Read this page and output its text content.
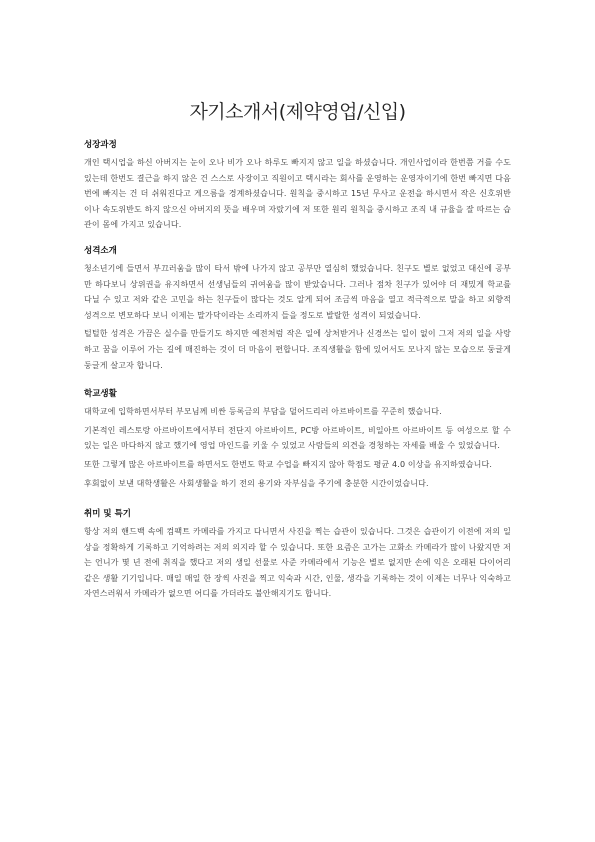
자기소개서(제약영업/신입)
성장과정

개인 택시업을 하신 아버지는 눈이 오나 비가 오나 하루도 빠지지 않고 일을 하셨습니다. 개인사업이라 한번쯤 거를 수도 있는데 한번도 결근을 하지 않은 건 스스로 사장이고 직원이고 택시라는 회사를 운영하는 운영자이기에 한번 빠지면 다음 번에 빠지는 건 더 쉬워진다고 게으름을 경계하셨습니다. 원칙을 중시하고 15년 무사고 운전을 하시면서 작은 신호위반이나 속도위반도 하지 않으신 아버지의 뜻을 배우며 자랐기에 저 또한 원리 원칙을 중시하고 조직 내 규율을 잘 따르는 습관이 몸에 가지고 있습니다.

성격소개

청소년기에 들면서 부끄러움을 많이 타서 밖에 나가지 않고 공부만 열심히 했었습니다. 친구도 별로 없었고 대신에 공부만 하다보니 상위권을 유지하면서 선생님들의 귀여움을 많이 받았습니다. 그러나 점차 친구가 있어야 더 재밌게 학교를 다닐 수 있고 저와 같은 고민을 하는 친구들이 많다는 것도 알게 되어 조금씩 마음을 열고 적극적으로 말을 하고 외향적 성격으로 변모하다 보니 이제는 말가닥이라는 소리까지 들을 정도로 발랄한 성격이 되었습니다.

털털한 성격은 가끔은 실수를 만들기도 하지만 예전처럼 작은 일에 상처받거나 신경쓰는 일이 없이 그저 저의 일을 사랑하고 꿈을 이루어 가는 길에 매진하는 것이 더 마음이 편합니다. 조직생활을 함에 있어서도 모나지 않는 모습으로 둥글게 둥글게 살고자 합니다.

학교생활

대학교에 입학하면서부터 부모님께 비싼 등록금의 부담을 덜어드리러 아르바이트를 꾸준히 했습니다.

기본적인 레스토랑 아르바이트에서부터 전단지 아르바이트, PC방 아르바이트, 비일아트 아르바이트 등 여성으로 할 수 있는 일은 마다하지 않고 했기에 영업 마인드를 키울 수 있었고 사람들의 의견을 경청하는 자세를 배울 수 있었습니다.

또한 그렇게 많은 아르바이트를 하면서도 한번도 학교 수업을 빠지지 않아 학점도 평균 4.0 이상을 유지하였습니다.

후회없이 보낸 대학생활은 사회생활을 하기 전의 용기와 자부심을 주기에 충분한 시간이었습니다.

취미 및 특기

항상 저의 핸드백 속에 컴팩트 카메라를 가지고 다니면서 사진을 찍는 습관이 있습니다. 그것은 습관이기 이전에 저의 일상을 정확하게 기록하고 기억하려는 저의 의지라 할 수 있습니다. 또한 요즘은 고가는 고화소 카메라가 많이 나왔지만 저는 언니가 몇 년 전에 취직을 했다고 저의 생일 선물로 사준 카메라에서 기능은 별로 없지만 손에 익은 오래된 다이어리 같은 생활 기기입니다. 매일 매일 한 장씩 사진을 찍고 익숙과 시간, 인물, 생각을 기록하는 것이 이제는 너무나 익숙하고 자연스러워서 카메라가 없으면 어디를 가더라도 불안해지기도 합니다.
